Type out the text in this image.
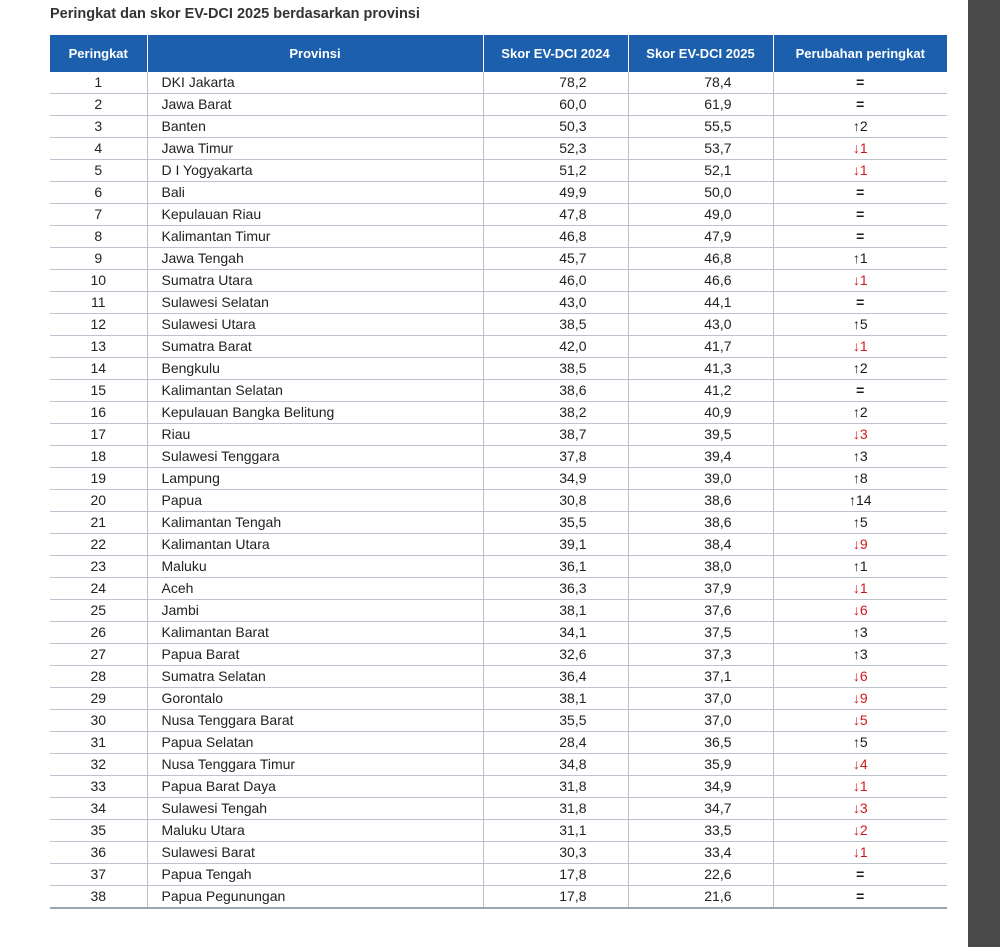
Peringkat dan skor EV-DCI 2025 berdasarkan provinsi
Peringkat	Provinsi	Skor EV-DCI 2024	Skor EV-DCI 2025	Perubahan peringkat
1	DKI Jakarta	78,2	78,4	=
2	Jawa Barat	60,0	61,9	=
3	Banten	50,3	55,5	↑2
4	Jawa Timur	52,3	53,7	↓1
5	D I Yogyakarta	51,2	52,1	↓1
6	Bali	49,9	50,0	=
7	Kepulauan Riau	47,8	49,0	=
8	Kalimantan Timur	46,8	47,9	=
9	Jawa Tengah	45,7	46,8	↑1
10	Sumatra Utara	46,0	46,6	↓1
11	Sulawesi Selatan	43,0	44,1	=
12	Sulawesi Utara	38,5	43,0	↑5
13	Sumatra Barat	42,0	41,7	↓1
14	Bengkulu	38,5	41,3	↑2
15	Kalimantan Selatan	38,6	41,2	=
16	Kepulauan Bangka Belitung	38,2	40,9	↑2
17	Riau	38,7	39,5	↓3
18	Sulawesi Tenggara	37,8	39,4	↑3
19	Lampung	34,9	39,0	↑8
20	Papua	30,8	38,6	↑14
21	Kalimantan Tengah	35,5	38,6	↑5
22	Kalimantan Utara	39,1	38,4	↓9
23	Maluku	36,1	38,0	↑1
24	Aceh	36,3	37,9	↓1
25	Jambi	38,1	37,6	↓6
26	Kalimantan Barat	34,1	37,5	↑3
27	Papua Barat	32,6	37,3	↑3
28	Sumatra Selatan	36,4	37,1	↓6
29	Gorontalo	38,1	37,0	↓9
30	Nusa Tenggara Barat	35,5	37,0	↓5
31	Papua Selatan	28,4	36,5	↑5
32	Nusa Tenggara Timur	34,8	35,9	↓4
33	Papua Barat Daya	31,8	34,9	↓1
34	Sulawesi Tengah	31,8	34,7	↓3
35	Maluku Utara	31,1	33,5	↓2
36	Sulawesi Barat	30,3	33,4	↓1
37	Papua Tengah	17,8	22,6	=
38	Papua Pegunungan	17,8	21,6	=
